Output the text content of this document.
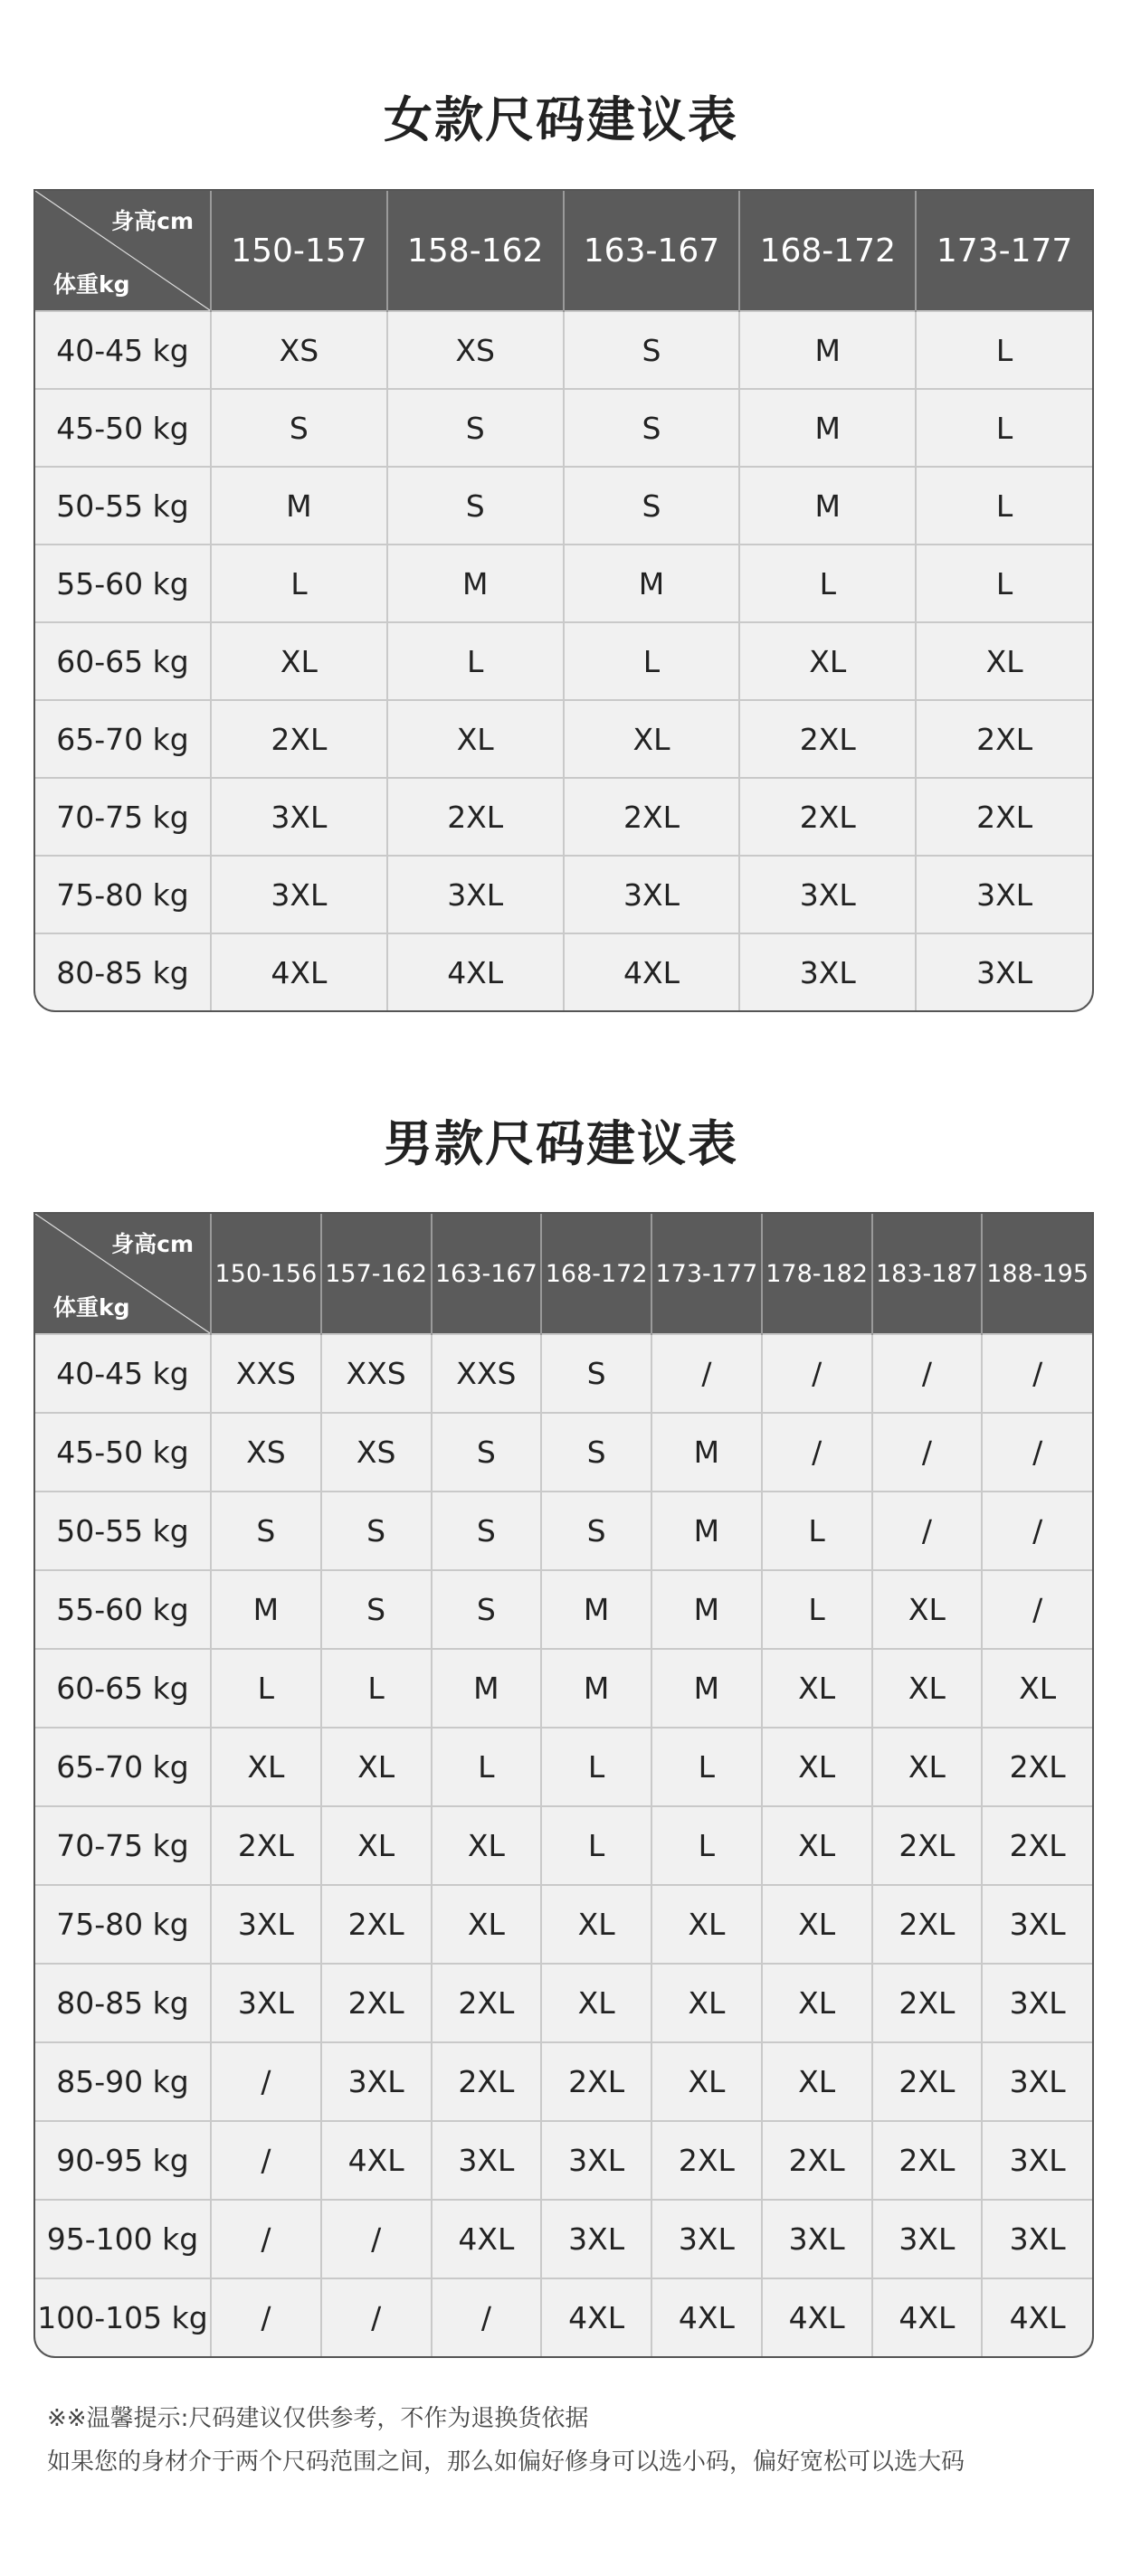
女款尺码建议表
身高cm
体重kg	150-157	158-162	163-167	168-172	173-177
40-45 kg	XS	XS	S	M	L
45-50 kg	S	S	S	M	L
50-55 kg	M	S	S	M	L
55-60 kg	L	M	M	L	L
60-65 kg	XL	L	L	XL	XL
65-70 kg	2XL	XL	XL	2XL	2XL
70-75 kg	3XL	2XL	2XL	2XL	2XL
75-80 kg	3XL	3XL	3XL	3XL	3XL
80-85 kg	4XL	4XL	4XL	3XL	3XL
男款尺码建议表
身高cm
体重kg	150-156	157-162	163-167	168-172	173-177	178-182	183-187	188-195
40-45 kg	XXS	XXS	XXS	S	/	/	/	/
45-50 kg	XS	XS	S	S	M	/	/	/
50-55 kg	S	S	S	S	M	L	/	/
55-60 kg	M	S	S	M	M	L	XL	/
60-65 kg	L	L	M	M	M	XL	XL	XL
65-70 kg	XL	XL	L	L	L	XL	XL	2XL
70-75 kg	2XL	XL	XL	L	L	XL	2XL	2XL
75-80 kg	3XL	2XL	XL	XL	XL	XL	2XL	3XL
80-85 kg	3XL	2XL	2XL	XL	XL	XL	2XL	3XL
85-90 kg	/	3XL	2XL	2XL	XL	XL	2XL	3XL
90-95 kg	/	4XL	3XL	3XL	2XL	2XL	2XL	3XL
95-100 kg	/	/	4XL	3XL	3XL	3XL	3XL	3XL
100-105 kg	/	/	/	4XL	4XL	4XL	4XL	4XL
※※温馨提示:尺码建议仅供参考，不作为退换货依据
如果您的身材介于两个尺码范围之间，那么如偏好修身可以选小码，偏好宽松可以选大码
